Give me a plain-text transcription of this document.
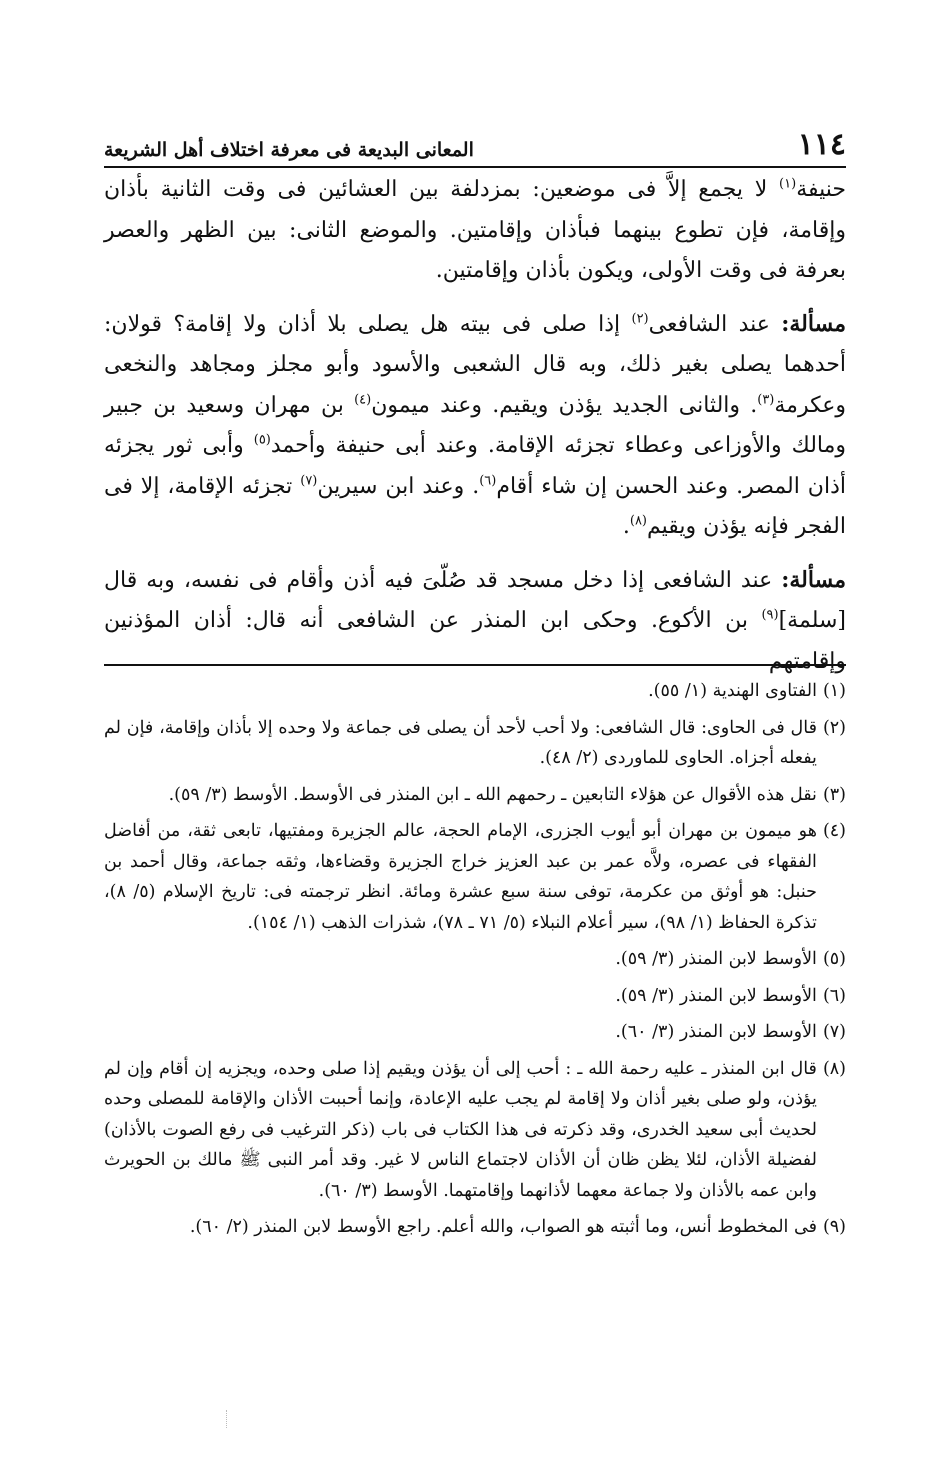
١١٤
المعانى البديعة فى معرفة اختلاف أهل الشريعة

حنيفة$^{(١)}$ لا يجمع إلاَّ فى موضعين: بمزدلفة بين العشائين فى وقت الثانية بأذان وإقامة، فإن تطوع بينهما فبأذان وإقامتين. والموضع الثانى: بين الظهر والعصر بعرفة فى وقت الأولى، ويكون بأذان وإقامتين.

مسألة: عند الشافعى$^{(٢)}$ إذا صلى فى بيته هل يصلى بلا أذان ولا إقامة؟ قولان: أحدهما يصلى بغير ذلك، وبه قال الشعبى والأسود وأبو مجلز ومجاهد والنخعى وعكرمة$^{(٣)}$. والثانى الجديد يؤذن ويقيم. وعند ميمون$^{(٤)}$ بن مهران وسعيد بن جبير ومالك والأوزاعى وعطاء تجزئه الإقامة. وعند أبى حنيفة وأحمد$^{(٥)}$ وأبى ثور يجزئه أذان المصر. وعند الحسن إن شاء أقام$^{(٦)}$. وعند ابن سيرين$^{(٧)}$ تجزئه الإقامة، إلا فى الفجر فإنه يؤذن ويقيم$^{(٨)}$.

مسألة: عند الشافعى إذا دخل مسجد قد صُلّىَ فيه أذن وأقام فى نفسه، وبه قال [سلمة]$^{(٩)}$ بن الأكوع. وحكى ابن المنذر عن الشافعى أنه قال: أذان المؤذنين وإقامتهم

(١)
الفتاوى الهندية (١/ ٥٥).
(٢)
قال فى الحاوى: قال الشافعى: ولا أحب لأحد أن يصلى فى جماعة ولا وحده إلا بأذان وإقامة، فإن لم يفعله أجزاه. الحاوى للماوردى (٢/ ٤٨).
(٣)
نقل هذه الأقوال عن هؤلاء التابعين ـ رحمهم الله ـ ابن المنذر فى الأوسط. الأوسط (٣/ ٥٩).
(٤)
هو ميمون بن مهران أبو أيوب الجزرى، الإمام الحجة، عالم الجزيرة ومفتيها، تابعى ثقة، من أفاضل الفقهاء فى عصره، ولاَّه عمر بن عبد العزيز خراج الجزيرة وقضاءها، وثقه جماعة، وقال أحمد بن حنبل: هو أوثق من عكرمة، توفى سنة سبع عشرة ومائة. انظر ترجمته فى: تاريخ الإسلام (٥/ ٨)، تذكرة الحفاظ (١/ ٩٨)، سير أعلام النبلاء (٥/ ٧١ ـ ٧٨)، شذرات الذهب (١/ ١٥٤).
(٥)
الأوسط لابن المنذر (٣/ ٥٩).
(٦)
الأوسط لابن المنذر (٣/ ٥٩).
(٧)
الأوسط لابن المنذر (٣/ ٦٠).
(٨)
قال ابن المنذر ـ عليه رحمة الله ـ : أحب إلى أن يؤذن ويقيم إذا صلى وحده، ويجزيه إن أقام وإن لم يؤذن، ولو صلى بغير أذان ولا إقامة لم يجب عليه الإعادة، وإنما أحببت الأذان والإقامة للمصلى وحده لحديث أبى سعيد الخدرى، وقد ذكرته فى هذا الكتاب فى باب (ذكر الترغيب فى رفع الصوت بالأذان) لفضيلة الأذان، لئلا يظن ظان أن الأذان لاجتماع الناس لا غير. وقد أمر النبى ﷺ مالك بن الحويرث وابن عمه بالأذان ولا جماعة معهما لأذانهما وإقامتهما. الأوسط (٣/ ٦٠).
(٩)
فى المخطوط أنس، وما أثبته هو الصواب، والله أعلم. راجع الأوسط لابن المنذر (٢/ ٦٠).
